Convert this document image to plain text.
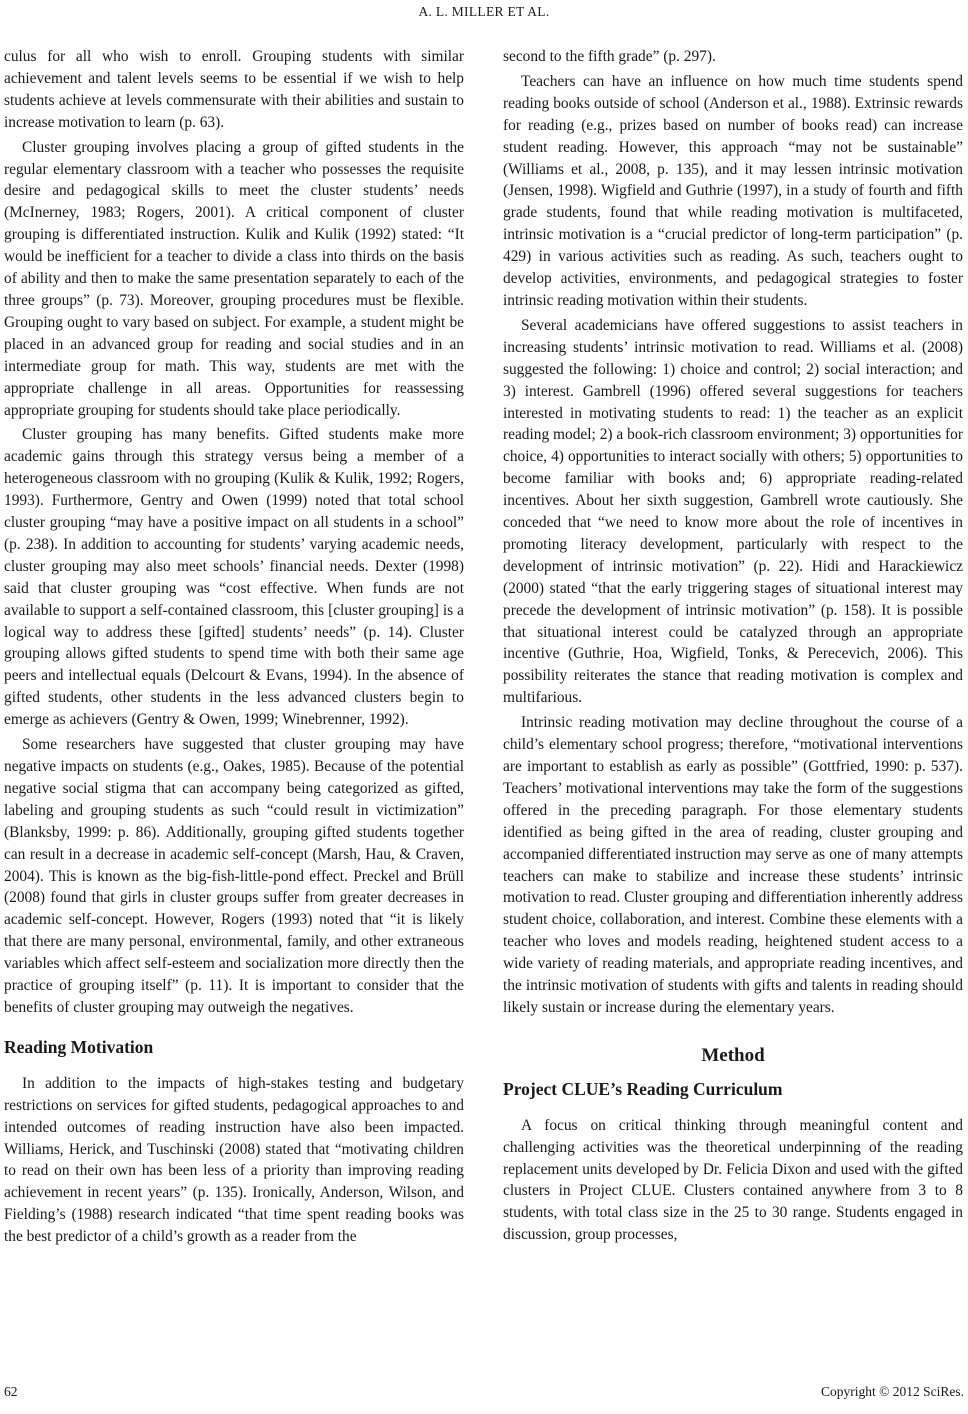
A. L. MILLER ET AL.

culus for all who wish to enroll. Grouping students with similar achievement and talent levels seems to be essential if we wish to help students achieve at levels commensurate with their abilities and sustain to increase motivation to learn (p. 63).

Cluster grouping involves placing a group of gifted students in the regular elementary classroom with a teacher who possesses the requisite desire and pedagogical skills to meet the cluster students’ needs (McInerney, 1983; Rogers, 2001). A critical component of cluster grouping is differentiated instruction. Kulik and Kulik (1992) stated: “It would be inefficient for a teacher to divide a class into thirds on the basis of ability and then to make the same presentation separately to each of the three groups” (p. 73). Moreover, grouping procedures must be flexible. Grouping ought to vary based on subject. For example, a student might be placed in an advanced group for reading and social studies and in an intermediate group for math. This way, students are met with the appropriate challenge in all areas. Opportunities for reassessing appropriate grouping for students should take place periodically.

Cluster grouping has many benefits. Gifted students make more academic gains through this strategy versus being a member of a heterogeneous classroom with no grouping (Kulik & Kulik, 1992; Rogers, 1993). Furthermore, Gentry and Owen (1999) noted that total school cluster grouping “may have a positive impact on all students in a school” (p. 238). In addition to accounting for students’ varying academic needs, cluster grouping may also meet schools’ financial needs. Dexter (1998) said that cluster grouping was “cost effective. When funds are not available to support a self-contained classroom, this [cluster grouping] is a logical way to address these [gifted] students’ needs” (p. 14). Cluster grouping allows gifted students to spend time with both their same age peers and intellectual equals (Delcourt & Evans, 1994). In the absence of gifted students, other students in the less advanced clusters begin to emerge as achievers (Gentry & Owen, 1999; Winebrenner, 1992).

Some researchers have suggested that cluster grouping may have negative impacts on students (e.g., Oakes, 1985). Because of the potential negative social stigma that can accompany being categorized as gifted, labeling and grouping students as such “could result in victimization” (Blanksby, 1999: p. 86). Additionally, grouping gifted students together can result in a decrease in academic self-concept (Marsh, Hau, & Craven, 2004). This is known as the big-fish-little-pond effect. Preckel and Brüll (2008) found that girls in cluster groups suffer from greater decreases in academic self-concept. However, Rogers (1993) noted that “it is likely that there are many personal, environmental, family, and other extraneous variables which affect self-esteem and socialization more directly then the practice of grouping itself” (p. 11). It is important to consider that the benefits of cluster grouping may outweigh the negatives.

Reading Motivation

In addition to the impacts of high-stakes testing and budgetary restrictions on services for gifted students, pedagogical approaches to and intended outcomes of reading instruction have also been impacted. Williams, Herick, and Tuschinski (2008) stated that “motivating children to read on their own has been less of a priority than improving reading achievement in recent years” (p. 135). Ironically, Anderson, Wilson, and Fielding’s (1988) research indicated “that time spent reading books was the best predictor of a child’s growth as a reader from the

second to the fifth grade” (p. 297).

Teachers can have an influence on how much time students spend reading books outside of school (Anderson et al., 1988). Extrinsic rewards for reading (e.g., prizes based on number of books read) can increase student reading. However, this approach “may not be sustainable” (Williams et al., 2008, p. 135), and it may lessen intrinsic motivation (Jensen, 1998). Wigfield and Guthrie (1997), in a study of fourth and fifth grade students, found that while reading motivation is multifaceted, intrinsic motivation is a “crucial predictor of long-term participation” (p. 429) in various activities such as reading. As such, teachers ought to develop activities, environments, and pedagogical strategies to foster intrinsic reading motivation within their students.

Several academicians have offered suggestions to assist teachers in increasing students’ intrinsic motivation to read. Williams et al. (2008) suggested the following: 1) choice and control; 2) social interaction; and 3) interest. Gambrell (1996) offered several suggestions for teachers interested in motivating students to read: 1) the teacher as an explicit reading model; 2) a book-rich classroom environment; 3) opportunities for choice, 4) opportunities to interact socially with others; 5) opportunities to become familiar with books and; 6) appropriate reading-related incentives. About her sixth suggestion, Gambrell wrote cautiously. She conceded that “we need to know more about the role of incentives in promoting literacy development, particularly with respect to the development of intrinsic motivation” (p. 22). Hidi and Harackiewicz (2000) stated “that the early triggering stages of situational interest may precede the development of intrinsic motivation” (p. 158). It is possible that situational interest could be catalyzed through an appropriate incentive (Guthrie, Hoa, Wigfield, Tonks, & Perecevich, 2006). This possibility reiterates the stance that reading motivation is complex and multifarious.

Intrinsic reading motivation may decline throughout the course of a child’s elementary school progress; therefore, “motivational interventions are important to establish as early as possible” (Gottfried, 1990: p. 537). Teachers’ motivational interventions may take the form of the suggestions offered in the preceding paragraph. For those elementary students identified as being gifted in the area of reading, cluster grouping and accompanied differentiated instruction may serve as one of many attempts teachers can make to stabilize and increase these students’ intrinsic motivation to read. Cluster grouping and differentiation inherently address student choice, collaboration, and interest. Combine these elements with a teacher who loves and models reading, heightened student access to a wide variety of reading materials, and appropriate reading incentives, and the intrinsic motivation of students with gifts and talents in reading should likely sustain or increase during the elementary years.

Method
Project CLUE’s Reading Curriculum

A focus on critical thinking through meaningful content and challenging activities was the theoretical underpinning of the reading replacement units developed by Dr. Felicia Dixon and used with the gifted clusters in Project CLUE. Clusters contained anywhere from 3 to 8 students, with total class size in the 25 to 30 range. Students engaged in discussion, group processes,

62	Copyright © 2012 SciRes.
